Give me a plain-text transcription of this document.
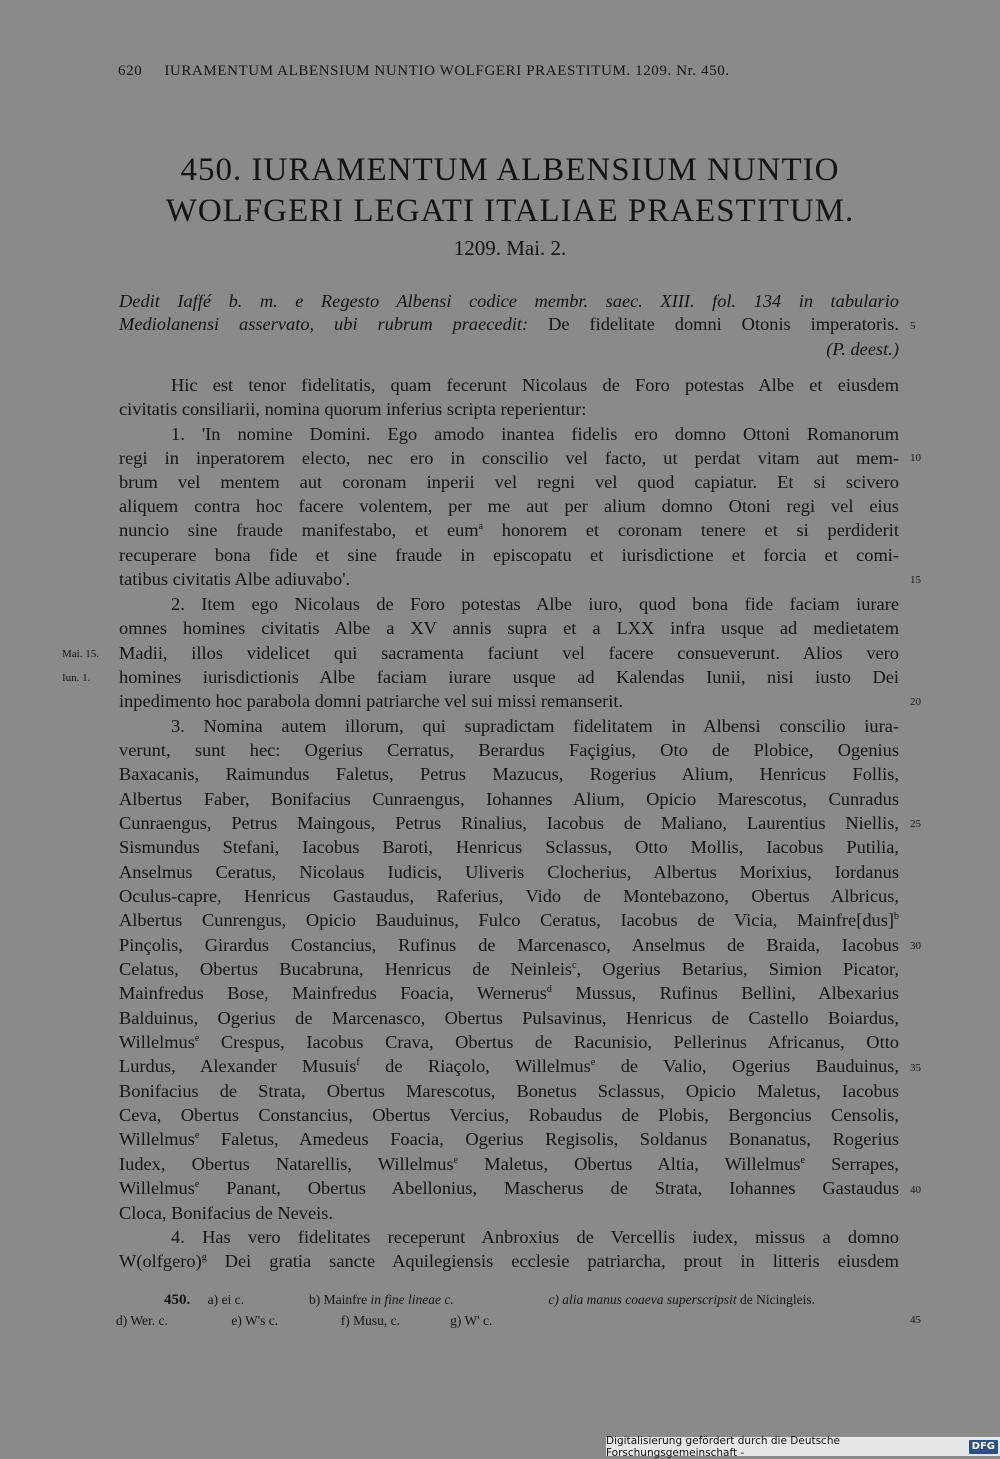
620 IURAMENTUM ALBENSIUM NUNTIO WOLFGERI PRAESTITUM. 1209. Nr. 450.
450. IURAMENTUM ALBENSIUM NUNTIO
WOLFGERI LEGATI ITALIAE PRAESTITUM.
1209. Mai. 2.
Dedit Iaffé b. m. e Regesto Albensi codice membr. saec. XIII. fol. 134 in tabulario
Mediolanensi asservato, ubi rubrum praecedit: De fidelitate domni Otonis imperatoris.
(P. deest.)
Hic est tenor fidelitatis, quam fecerunt Nicolaus de Foro potestas Albe et eiusdem
civitatis consiliarii, nomina quorum inferius scripta reperientur:
1. 'In nomine Domini. Ego amodo inantea fidelis ero domno Ottoni Romanorum
regi in inperatorem electo, nec ero in conscilio vel facto, ut perdat vitam aut mem-
brum vel mentem aut coronam inperii vel regni vel quod capiatur. Et si scivero
aliquem contra hoc facere volentem, per me aut per alium domno Otoni regi vel eius
nuncio sine fraude manifestabo, et eum$^a$ honorem et coronam tenere et si perdiderit
recuperare bona fide et sine fraude in episcopatu et iurisdictione et forcia et comi-
tatibus civitatis Albe adiuvabo'.
2. Item ego Nicolaus de Foro potestas Albe iuro, quod bona fide faciam iurare
omnes homines civitatis Albe a XV annis supra et a LXX infra usque ad medietatem
Madii, illos videlicet qui sacramenta faciunt vel facere consueverunt. Alios vero
homines iurisdictionis Albe faciam iurare usque ad Kalendas Iunii, nisi iusto Dei
inpedimento hoc parabola domni patriarche vel sui missi remanserit.
3. Nomina autem illorum, qui supradictam fidelitatem in Albensi conscilio iura-
verunt, sunt hec: Ogerius Cerratus, Berardus Façigius, Oto de Plobice, Ogenius
Baxacanis, Raimundus Faletus, Petrus Mazucus, Rogerius Alium, Henricus Follis,
Albertus Faber, Bonifacius Cunraengus, Iohannes Alium, Opicio Marescotus, Cunradus
Cunraengus, Petrus Maingous, Petrus Rinalius, Iacobus de Maliano, Laurentius Niellis,
Sismundus Stefani, Iacobus Baroti, Henricus Sclassus, Otto Mollis, Iacobus Putilia,
Anselmus Ceratus, Nicolaus Iudicis, Uliveris Clocherius, Albertus Morixius, Iordanus
Oculus-capre, Henricus Gastaudus, Raferius, Vido de Montebazono, Obertus Albricus,
Albertus Cunrengus, Opicio Bauduinus, Fulco Ceratus, Iacobus de Vicia, Mainfre[dus]$^b$
Pinçolis, Girardus Costancius, Rufinus de Marcenasco, Anselmus de Braida, Iacobus
Celatus, Obertus Bucabruna, Henricus de Neinleis$^c$, Ogerius Betarius, Simion Picator,
Mainfredus Bose, Mainfredus Foacia, Wernerus$^d$ Mussus, Rufinus Bellini, Albexarius
Balduinus, Ogerius de Marcenasco, Obertus Pulsavinus, Henricus de Castello Boiardus,
Willelmus$^e$ Crespus, Iacobus Crava, Obertus de Racunisio, Pellerinus Africanus, Otto
Lurdus, Alexander Musuis$^f$ de Riaçolo, Willelmus$^e$ de Valio, Ogerius Bauduinus,
Bonifacius de Strata, Obertus Marescotus, Bonetus Sclassus, Opicio Maletus, Iacobus
Ceva, Obertus Constancius, Obertus Vercius, Robaudus de Plobis, Bergoncius Censolis,
Willelmus$^e$ Faletus, Amedeus Foacia, Ogerius Regisolis, Soldanus Bonanatus, Rogerius
Iudex, Obertus Natarellis, Willelmus$^e$ Maletus, Obertus Altia, Willelmus$^e$ Serrapes,
Willelmus$^e$ Panant, Obertus Abellonius, Mascherus de Strata, Iohannes Gastaudus
Cloca, Bonifacius de Neveis.
4. Has vero fidelitates receperunt Anbroxius de Vercellis iudex, missus a domno
W(olfgero)$^g$ Dei gratia sancte Aquilegiensis ecclesie patriarcha, prout in litteris eiusdem
5
10
15
20
25
30
35
40
45
Mai. 15.
Iun. 1.
450. a) ei c.	b) Mainfre in fine lineae c.	c) alia manus coaeva superscripsit de Nicingleis.
d) Wer. c.	e) W's c.	f) Musu, c.	g) W' c.
Digitalisierung gefördert durch die Deutsche Forschungsgemeinschaft -
DFG
